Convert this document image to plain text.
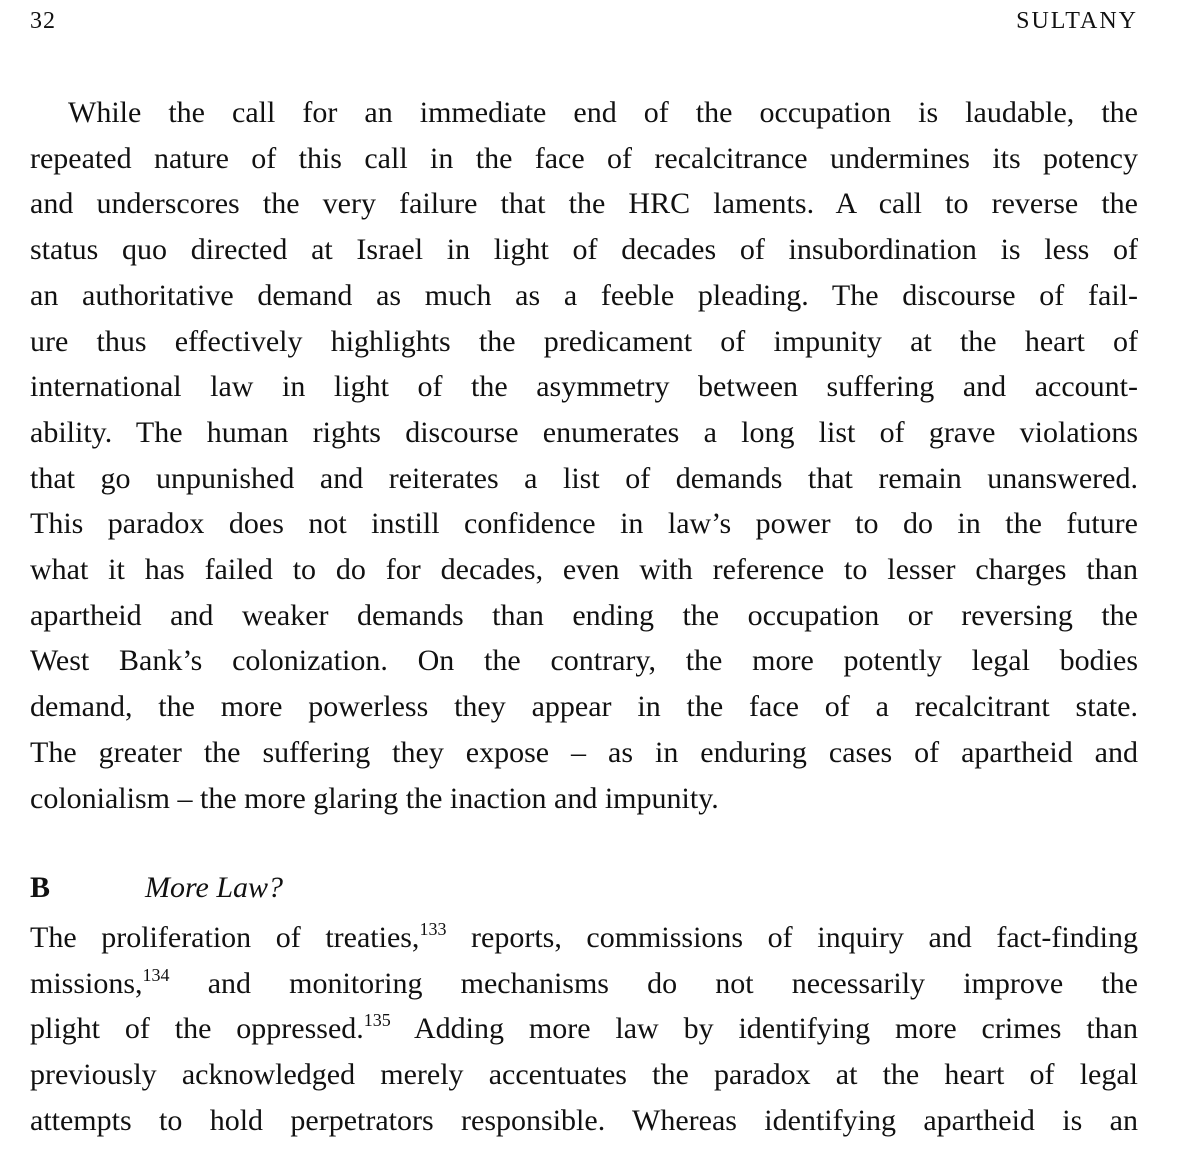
32	SULTANY

While the call for an immediate end of the occupation is laudable, the
repeated nature of this call in the face of recalcitrance undermines its potency
and underscores the very failure that the HRC laments. A call to reverse the
status quo directed at Israel in light of decades of insubordination is less of
an authoritative demand as much as a feeble pleading. The discourse of fail-
ure thus effectively highlights the predicament of impunity at the heart of
international law in light of the asymmetry between suffering and account-
ability. The human rights discourse enumerates a long list of grave violations
that go unpunished and reiterates a list of demands that remain unanswered.
This paradox does not instill confidence in law’s power to do in the future
what it has failed to do for decades, even with reference to lesser charges than
apartheid and weaker demands than ending the occupation or reversing the
West Bank’s colonization. On the contrary, the more potently legal bodies
demand, the more powerless they appear in the face of a recalcitrant state.
The greater the suffering they expose – as in enduring cases of apartheid and
colonialism – the more glaring the inaction and impunity.

B	More Law?

The proliferation of treaties,$^{133}$ reports, commissions of inquiry and fact-finding
missions,$^{134}$ and monitoring mechanisms do not necessarily improve the
plight of the oppressed.$^{135}$ Adding more law by identifying more crimes than
previously acknowledged merely accentuates the paradox at the heart of legal
attempts to hold perpetrators responsible. Whereas identifying apartheid is an
